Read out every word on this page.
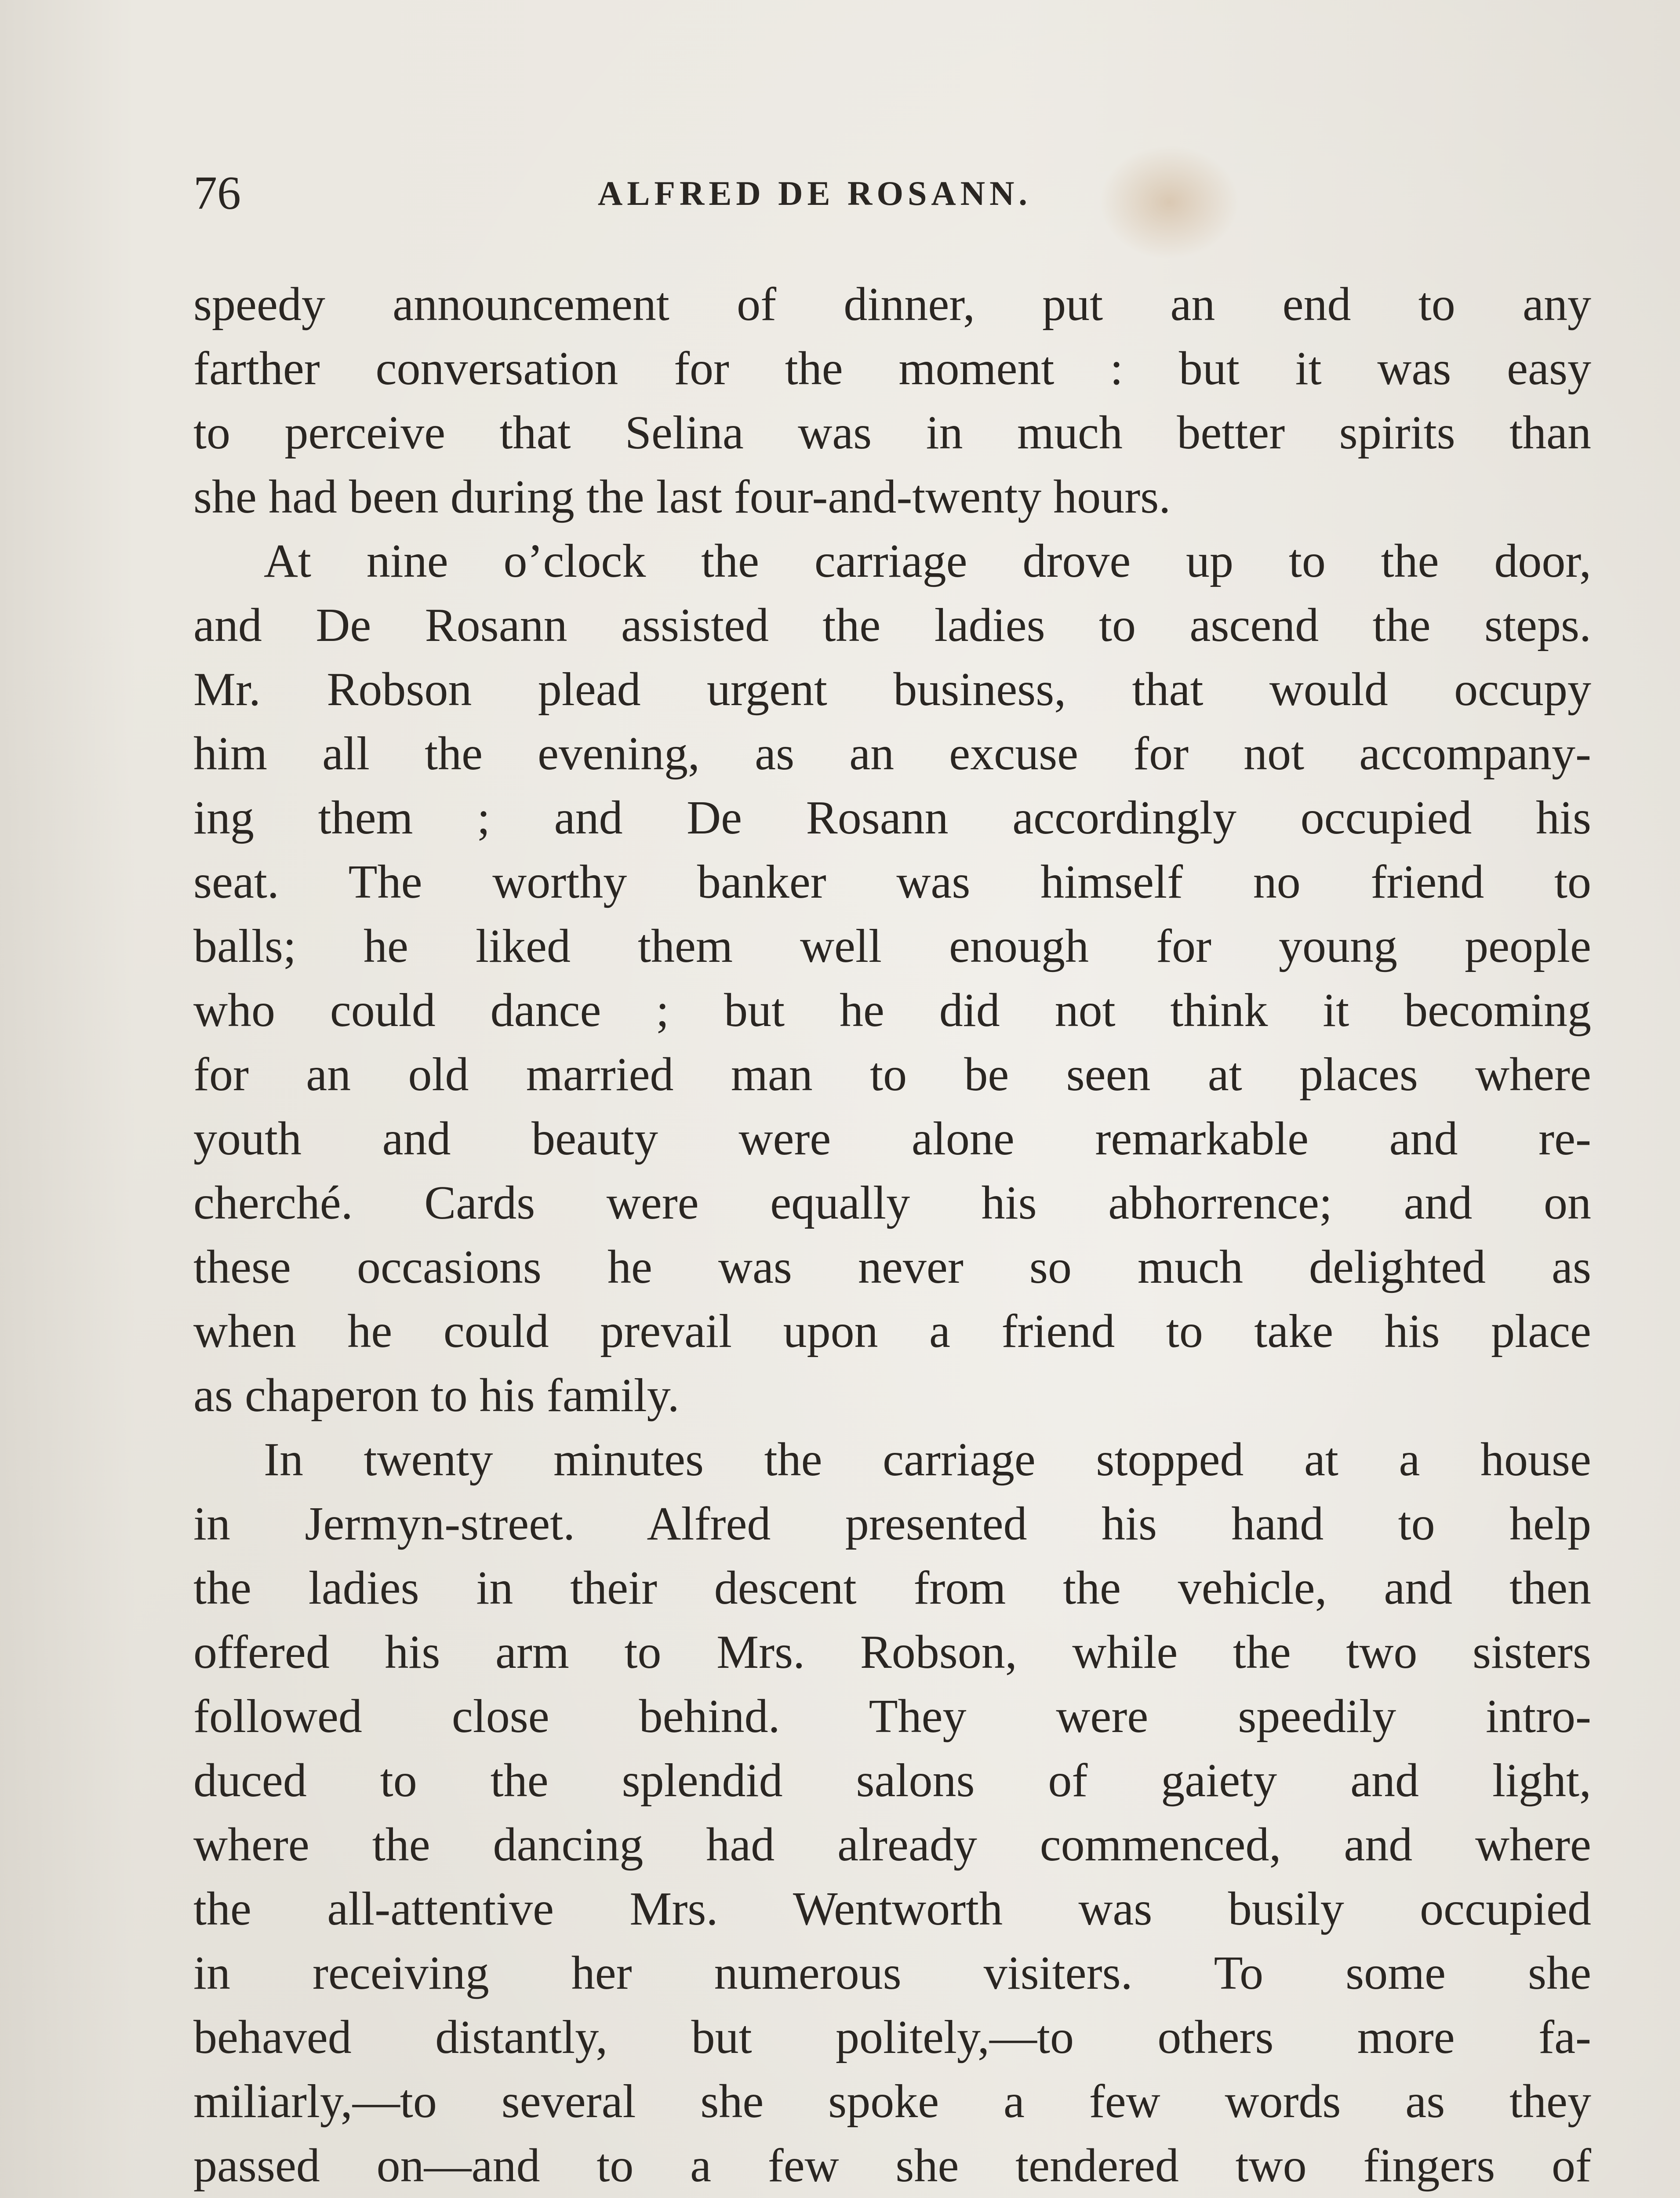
76	ALFRED DE ROSANN.
speedy announcement of dinner, put an end to any
farther conversation for the moment : but it was easy
to perceive that Selina was in much better spirits than
she had been during the last four-and-twenty hours.
At nine o’clock the carriage drove up to the door,
and De Rosann assisted the ladies to ascend the steps.
Mr. Robson plead urgent business, that would occupy
him all the evening, as an excuse for not accompany-
ing them ; and De Rosann accordingly occupied his
seat. The worthy banker was himself no friend to
balls; he liked them well enough for young people
who could dance ; but he did not think it becoming
for an old married man to be seen at places where
youth and beauty were alone remarkable and re-
cherché. Cards were equally his abhorrence; and on
these occasions he was never so much delighted as
when he could prevail upon a friend to take his place
as chaperon to his family.
In twenty minutes the carriage stopped at a house
in Jermyn-street. Alfred presented his hand to help
the ladies in their descent from the vehicle, and then
offered his arm to Mrs. Robson, while the two sisters
followed close behind. They were speedily intro-
duced to the splendid salons of gaiety and light,
where the dancing had already commenced, and where
the all-attentive Mrs. Wentworth was busily occupied
in receiving her numerous visiters. To some she
behaved distantly, but politely,—to others more fa-
miliarly,—to several she spoke a few words as they
passed on—and to a few she tendered two fingers of
